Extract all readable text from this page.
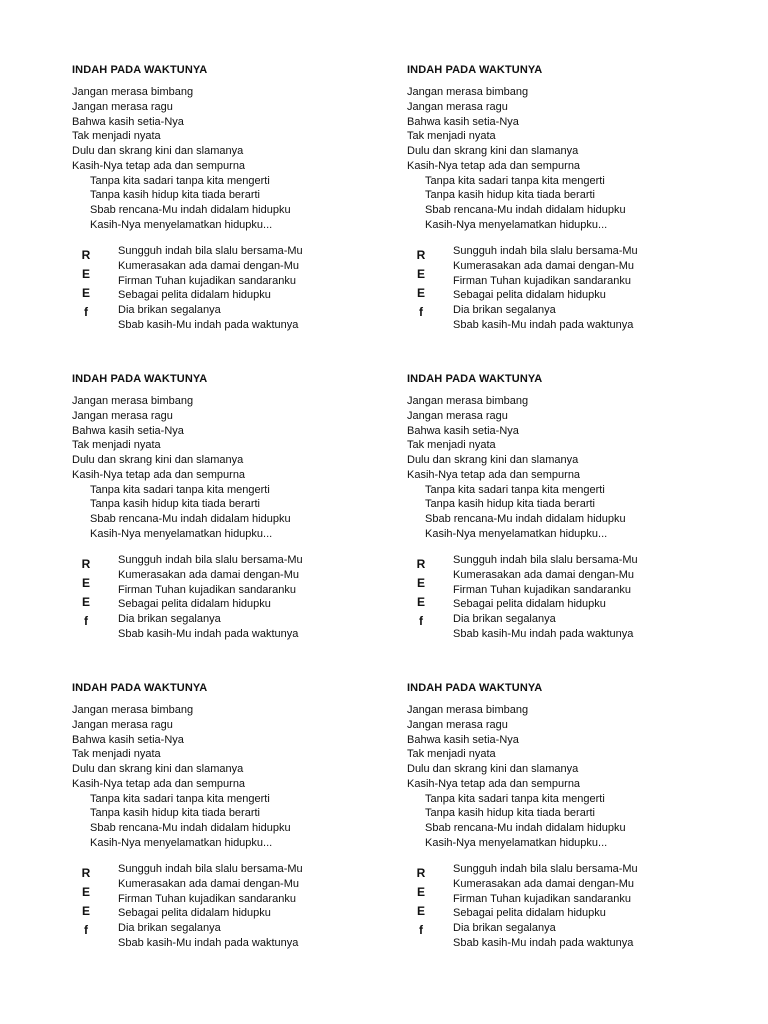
INDAH PADA WAKTUNYA
Jangan merasa bimbang
Jangan merasa ragu
Bahwa kasih setia-Nya
Tak menjadi nyata
Dulu dan skrang kini dan slamanya
Kasih-Nya tetap ada dan sempurna
Tanpa kita sadari tanpa kita mengerti
Tanpa kasih hidup kita tiada berarti
Sbab rencana-Mu indah didalam hidupku
Kasih-Nya menyelamatkan hidupku...
R
E
E
f
Sungguh indah bila slalu bersama-Mu
Kumerasakan ada damai dengan-Mu
Firman Tuhan kujadikan sandaranku
Sebagai pelita didalam hidupku
Dia brikan segalanya
Sbab kasih-Mu indah pada waktunya
INDAH PADA WAKTUNYA
Jangan merasa bimbang
Jangan merasa ragu
Bahwa kasih setia-Nya
Tak menjadi nyata
Dulu dan skrang kini dan slamanya
Kasih-Nya tetap ada dan sempurna
Tanpa kita sadari tanpa kita mengerti
Tanpa kasih hidup kita tiada berarti
Sbab rencana-Mu indah didalam hidupku
Kasih-Nya menyelamatkan hidupku...
R
E
E
f
Sungguh indah bila slalu bersama-Mu
Kumerasakan ada damai dengan-Mu
Firman Tuhan kujadikan sandaranku
Sebagai pelita didalam hidupku
Dia brikan segalanya
Sbab kasih-Mu indah pada waktunya
INDAH PADA WAKTUNYA
Jangan merasa bimbang
Jangan merasa ragu
Bahwa kasih setia-Nya
Tak menjadi nyata
Dulu dan skrang kini dan slamanya
Kasih-Nya tetap ada dan sempurna
Tanpa kita sadari tanpa kita mengerti
Tanpa kasih hidup kita tiada berarti
Sbab rencana-Mu indah didalam hidupku
Kasih-Nya menyelamatkan hidupku...
R
E
E
f
Sungguh indah bila slalu bersama-Mu
Kumerasakan ada damai dengan-Mu
Firman Tuhan kujadikan sandaranku
Sebagai pelita didalam hidupku
Dia brikan segalanya
Sbab kasih-Mu indah pada waktunya
INDAH PADA WAKTUNYA
Jangan merasa bimbang
Jangan merasa ragu
Bahwa kasih setia-Nya
Tak menjadi nyata
Dulu dan skrang kini dan slamanya
Kasih-Nya tetap ada dan sempurna
Tanpa kita sadari tanpa kita mengerti
Tanpa kasih hidup kita tiada berarti
Sbab rencana-Mu indah didalam hidupku
Kasih-Nya menyelamatkan hidupku...
R
E
E
f
Sungguh indah bila slalu bersama-Mu
Kumerasakan ada damai dengan-Mu
Firman Tuhan kujadikan sandaranku
Sebagai pelita didalam hidupku
Dia brikan segalanya
Sbab kasih-Mu indah pada waktunya
INDAH PADA WAKTUNYA
Jangan merasa bimbang
Jangan merasa ragu
Bahwa kasih setia-Nya
Tak menjadi nyata
Dulu dan skrang kini dan slamanya
Kasih-Nya tetap ada dan sempurna
Tanpa kita sadari tanpa kita mengerti
Tanpa kasih hidup kita tiada berarti
Sbab rencana-Mu indah didalam hidupku
Kasih-Nya menyelamatkan hidupku...
R
E
E
f
Sungguh indah bila slalu bersama-Mu
Kumerasakan ada damai dengan-Mu
Firman Tuhan kujadikan sandaranku
Sebagai pelita didalam hidupku
Dia brikan segalanya
Sbab kasih-Mu indah pada waktunya
INDAH PADA WAKTUNYA
Jangan merasa bimbang
Jangan merasa ragu
Bahwa kasih setia-Nya
Tak menjadi nyata
Dulu dan skrang kini dan slamanya
Kasih-Nya tetap ada dan sempurna
Tanpa kita sadari tanpa kita mengerti
Tanpa kasih hidup kita tiada berarti
Sbab rencana-Mu indah didalam hidupku
Kasih-Nya menyelamatkan hidupku...
R
E
E
f
Sungguh indah bila slalu bersama-Mu
Kumerasakan ada damai dengan-Mu
Firman Tuhan kujadikan sandaranku
Sebagai pelita didalam hidupku
Dia brikan segalanya
Sbab kasih-Mu indah pada waktunya
